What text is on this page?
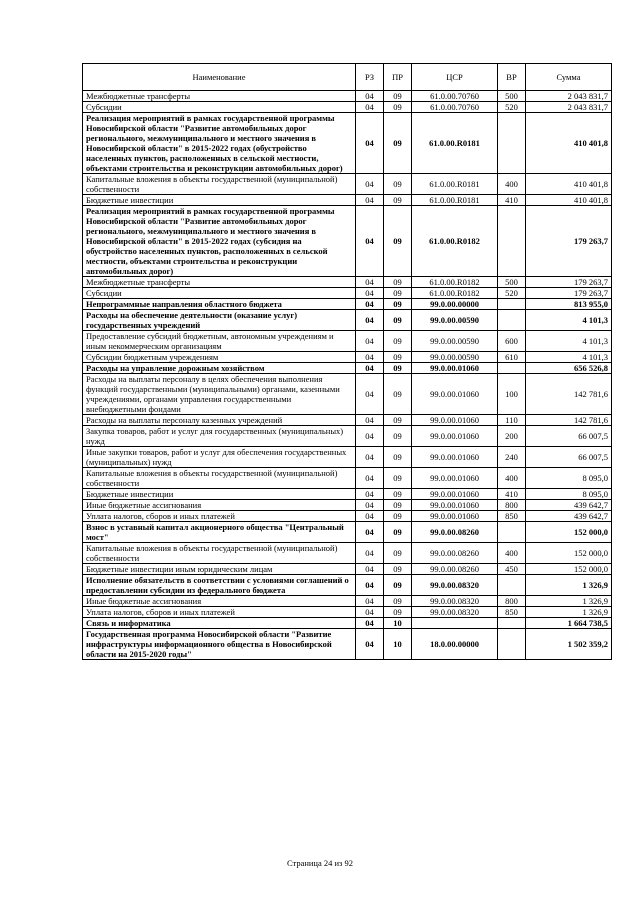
Наименование	РЗ	ПР	ЦСР	ВР	Сумма
Межбюджетные трансферты	04	09	61.0.00.70760	500	2 043 831,7
Субсидии	04	09	61.0.00.70760	520	2 043 831,7
Реализация мероприятий в рамках государственной программы Новосибирской области "Развитие автомобильных дорог регионального, межмуниципального и местного значения в Новосибирской области" в 2015-2022 годах (обустройство населенных пунктов, расположенных в сельской местности, объектами строительства и реконструкции автомобильных дорог)	04	09	61.0.00.R0181		410 401,8
Капитальные вложения в объекты государственной (муниципальной) собственности	04	09	61.0.00.R0181	400	410 401,8
Бюджетные инвестиции	04	09	61.0.00.R0181	410	410 401,8
Реализация мероприятий в рамках государственной программы Новосибирской области "Развитие автомобильных дорог регионального, межмуниципального и местного значения в Новосибирской области" в 2015-2022 годах (субсидия на обустройство населенных пунктов, расположенных в сельской местности, объектами строительства и реконструкции автомобильных дорог)	04	09	61.0.00.R0182		179 263,7
Межбюджетные трансферты	04	09	61.0.00.R0182	500	179 263,7
Субсидии	04	09	61.0.00.R0182	520	179 263,7
Непрограммные направления областного бюджета	04	09	99.0.00.00000		813 955,0
Расходы на обеспечение деятельности (оказание услуг) государственных учреждений	04	09	99.0.00.00590		4 101,3
Предоставление субсидий бюджетным, автономным учреждениям и иным некоммерческим организациям	04	09	99.0.00.00590	600	4 101,3
Субсидии бюджетным учреждениям	04	09	99.0.00.00590	610	4 101,3
Расходы на управление дорожным хозяйством	04	09	99.0.00.01060		656 526,8
Расходы на выплаты персоналу в целях обеспечения выполнения функций государственными (муниципальными) органами, казенными учреждениями, органами управления государственными внебюджетными фондами	04	09	99.0.00.01060	100	142 781,6
Расходы на выплаты персоналу казенных учреждений	04	09	99.0.00.01060	110	142 781,6
Закупка товаров, работ и услуг для государственных (муниципальных) нужд	04	09	99.0.00.01060	200	66 007,5
Иные закупки товаров, работ и услуг для обеспечения государственных (муниципальных) нужд	04	09	99.0.00.01060	240	66 007,5
Капитальные вложения в объекты государственной (муниципальной) собственности	04	09	99.0.00.01060	400	8 095,0
Бюджетные инвестиции	04	09	99.0.00.01060	410	8 095,0
Иные бюджетные ассигнования	04	09	99.0.00.01060	800	439 642,7
Уплата налогов, сборов и иных платежей	04	09	99.0.00.01060	850	439 642,7
Взнос в уставный капитал акционерного общества "Центральный мост"	04	09	99.0.00.08260		152 000,0
Капитальные вложения в объекты государственной (муниципальной) собственности	04	09	99.0.00.08260	400	152 000,0
Бюджетные инвестиции иным юридическим лицам	04	09	99.0.00.08260	450	152 000,0
Исполнение обязательств в соответствии с условиями соглашений о предоставлении субсидии из федерального бюджета	04	09	99.0.00.08320		1 326,9
Иные бюджетные ассигнования	04	09	99.0.00.08320	800	1 326,9
Уплата налогов, сборов и иных платежей	04	09	99.0.00.08320	850	1 326,9
Связь и информатика	04	10			1 664 738,5
Государственная программа Новосибирской области "Развитие инфраструктуры информационного общества в Новосибирской области на 2015-2020 годы"	04	10	18.0.00.00000		1 502 359,2
Страница 24 из 92
